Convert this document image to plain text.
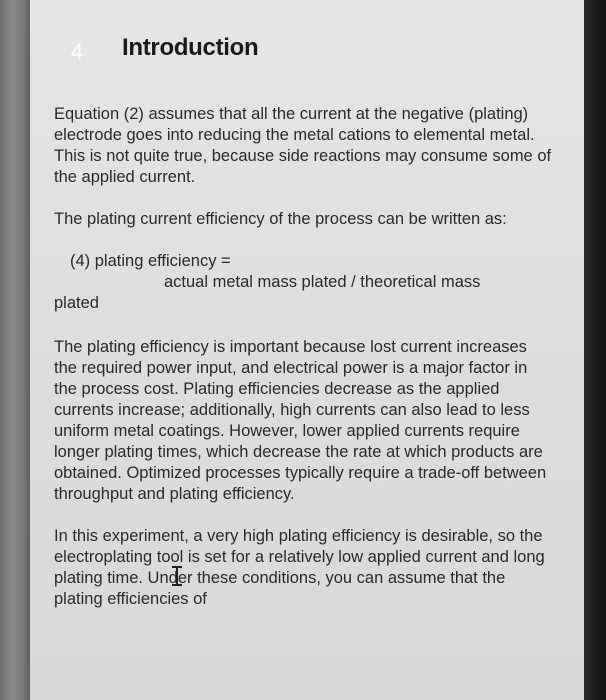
4	Introduction

Equation (2) assumes that all the current at the negative (plating) electrode goes into reducing the metal cations to elemental metal. This is not quite true, because side reactions may consume some of the applied current.

The plating current efficiency of the process can be written as:

(4) plating efficiency =

actual metal mass plated / theoretical mass

plated

The plating efficiency is important because lost current increases the required power input, and electrical power is a major factor in the process cost. Plating efficiencies decrease as the applied currents increase; additionally, high currents can also lead to less uniform metal coatings. However, lower applied currents require longer plating times, which decrease the rate at which products are obtained. Optimized processes typically require a trade-off between throughput and plating efficiency.

In this experiment, a very high plating efficiency is desirable, so the electroplating tool is set for a relatively low applied current and long plating time. Under these conditions, you can assume that the plating efficiencies of
